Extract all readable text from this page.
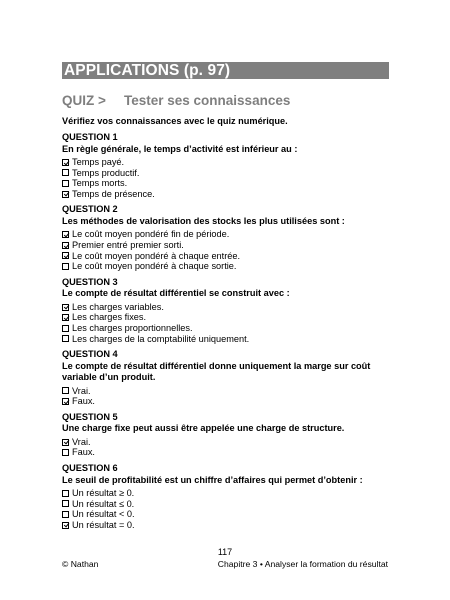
APPLICATIONS (p. 97)
QUIZ >	Tester ses connaissances
Vérifiez vos connaissances avec le quiz numérique.
QUESTION 1
En règle générale, le temps d’activité est inférieur au :
Temps payé.
Temps productif.
Temps morts.
Temps de présence.
QUESTION 2
Les méthodes de valorisation des stocks les plus utilisées sont :
Le coût moyen pondéré fin de période.
Premier entré premier sorti.
Le coût moyen pondéré à chaque entrée.
Le coût moyen pondéré à chaque sortie.
QUESTION 3
Le compte de résultat différentiel se construit avec :
Les charges variables.
Les charges fixes.
Les charges proportionnelles.
Les charges de la comptabilité uniquement.
QUESTION 4
Le compte de résultat différentiel donne uniquement la marge sur coût variable d’un produit.
Vrai.
Faux.
QUESTION 5
Une charge fixe peut aussi être appelée une charge de structure.
Vrai.
Faux.
QUESTION 6
Le seuil de profitabilité est un chiffre d’affaires qui permet d’obtenir :
Un résultat ≥ 0.
Un résultat ≤ 0.
Un résultat < 0.
Un résultat = 0.
117
© Nathan	Chapitre 3 • Analyser la formation du résultat
